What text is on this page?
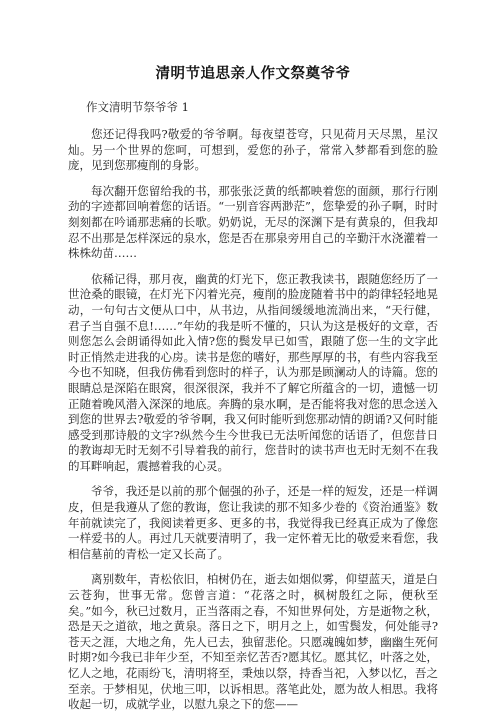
清明节追思亲人作文祭奠爷爷
作文清明节祭爷爷 1

您还记得我吗?敬爱的爷爷啊。每夜望苍穹，只见荷月天尽黑，星汉灿。另一个世界的您呵，可想到，爱您的孙子，常常入梦都看到您的脸庞，见到您那瘦削的身影。

每次翻开您留给我的书，那张张泛黄的纸都映着您的面颜，那行行刚劲的字迹都回响着您的话语。“一别音容两渺茫”，您挚爱的孙子啊，时时刻刻都在吟诵那悲痛的长歌。奶奶说，无尽的深渊下是有黄泉的，但我却忍不出那是怎样深远的泉水，您是否在那泉旁用自己的辛勤汗水浇灌着一株株幼苗……

依稀记得，那月夜，幽黄的灯光下，您正教我读书，跟随您经历了一世沧桑的眼镜，在灯光下闪着光亮，瘦削的脸庞随着书中的韵律轻轻地晃动，一句句古文便从口中，从书边，从指间缓缓地流淌出来，“天行健，君子当自强不息!……”年幼的我是听不懂的，只认为这是极好的文章，否则您怎么会朗诵得如此入情?您的鬓发早已如雪，跟随了您一生的文字此时正悄然走进我的心房。读书是您的嗜好，那些厚厚的书，有些内容我至今也不知晓，但我仿佛看到您时的样子，认为那是顾澜动人的诗篇。您的眼睛总是深陷在眼窝，很深很深，我并不了解它所蕴含的一切，遗憾一切正随着晚风潜入深深的地底。奔腾的泉水啊，是否能将我对您的思念送入到您的世界去?敬爱的爷爷啊，我又何时能听到您那动情的朗诵?又何时能感受到那诗般的文字?纵然今生今世我已无法听闻您的话语了，但您昔日的教诲却无时无刻不引导着我的前行，您昔时的读书声也无时无刻不在我的耳畔响起，震撼着我的心灵。

爷爷，我还是以前的那个倔强的孙子，还是一样的短发，还是一样调皮，但是我遵从了您的教诲，您让我读的那不知多少卷的《资治通鉴》数年前就读完了，我阅读着更多、更多的书，我觉得我已经真正成为了像您一样爱书的人。再过几天就要清明了，我一定怀着无比的敬爱来看您，我相信墓前的青松一定又长高了。

离别数年，青松依旧，柏树仍在，逝去如烟似雾，仰望蓝天，道是白云苍狗，世事无常。您曾言道：“花落之时，枫树殷红之际，便秋至矣。”如今，秋已过数月，正当落雨之春，不知世界何处，方是逝物之秋，恐是天之道欲，地之黄泉。落日之下，明月之上，如雪鬓发，何处能寻?苍天之涯，大地之角，先人已去，独留悲伦。只愿魂魄如梦，幽幽生死何时期?如今我已非年少至，不知至亲忆苦否?愿其忆。愿其忆，叶落之处，忆人之地，花雨纷飞，清明将至，秉烛以祭，持香当祀，入梦以忆，吾之至亲。于梦相见，伏地三叩，以诉相思。落笔此处，愿为故人相思。我将收起一切，成就学业，以慰九泉之下的您——
